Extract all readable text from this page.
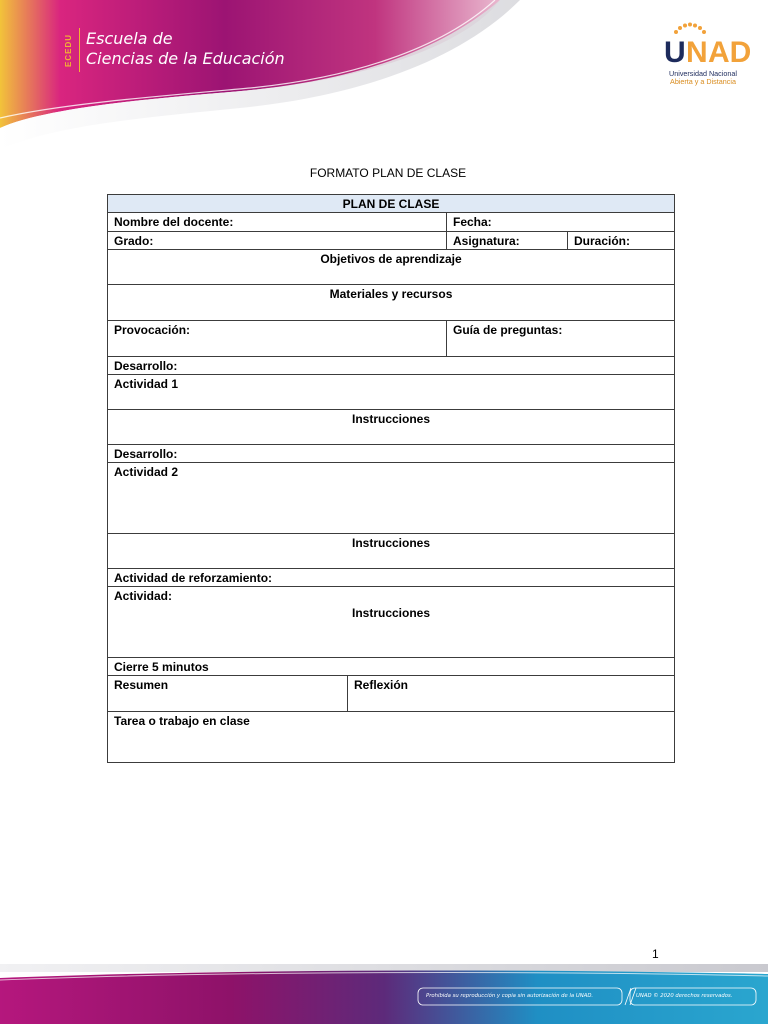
ECEDU Escuela de
Ciencias de la Educación	U N AD
Universidad Nacional
Abierta y a Distancia
FORMATO PLAN DE CLASE
PLAN DE CLASE
Nombre del docente:	Fecha:
Grado:	Asignatura:	Duración:
Objetivos de aprendizaje
Materiales y recursos
Provocación:	Guía de preguntas:
Desarrollo:
Actividad 1
Instrucciones
Desarrollo:
Actividad 2
Instrucciones
Actividad de reforzamiento:
Actividad:
Instrucciones
Cierre 5 minutos
Resumen	Reflexión
Tarea o trabajo en clase
1
Prohibida su reproducción y copia sin autorización de la UNAD.	UNAD © 2020 derechos reservados.
